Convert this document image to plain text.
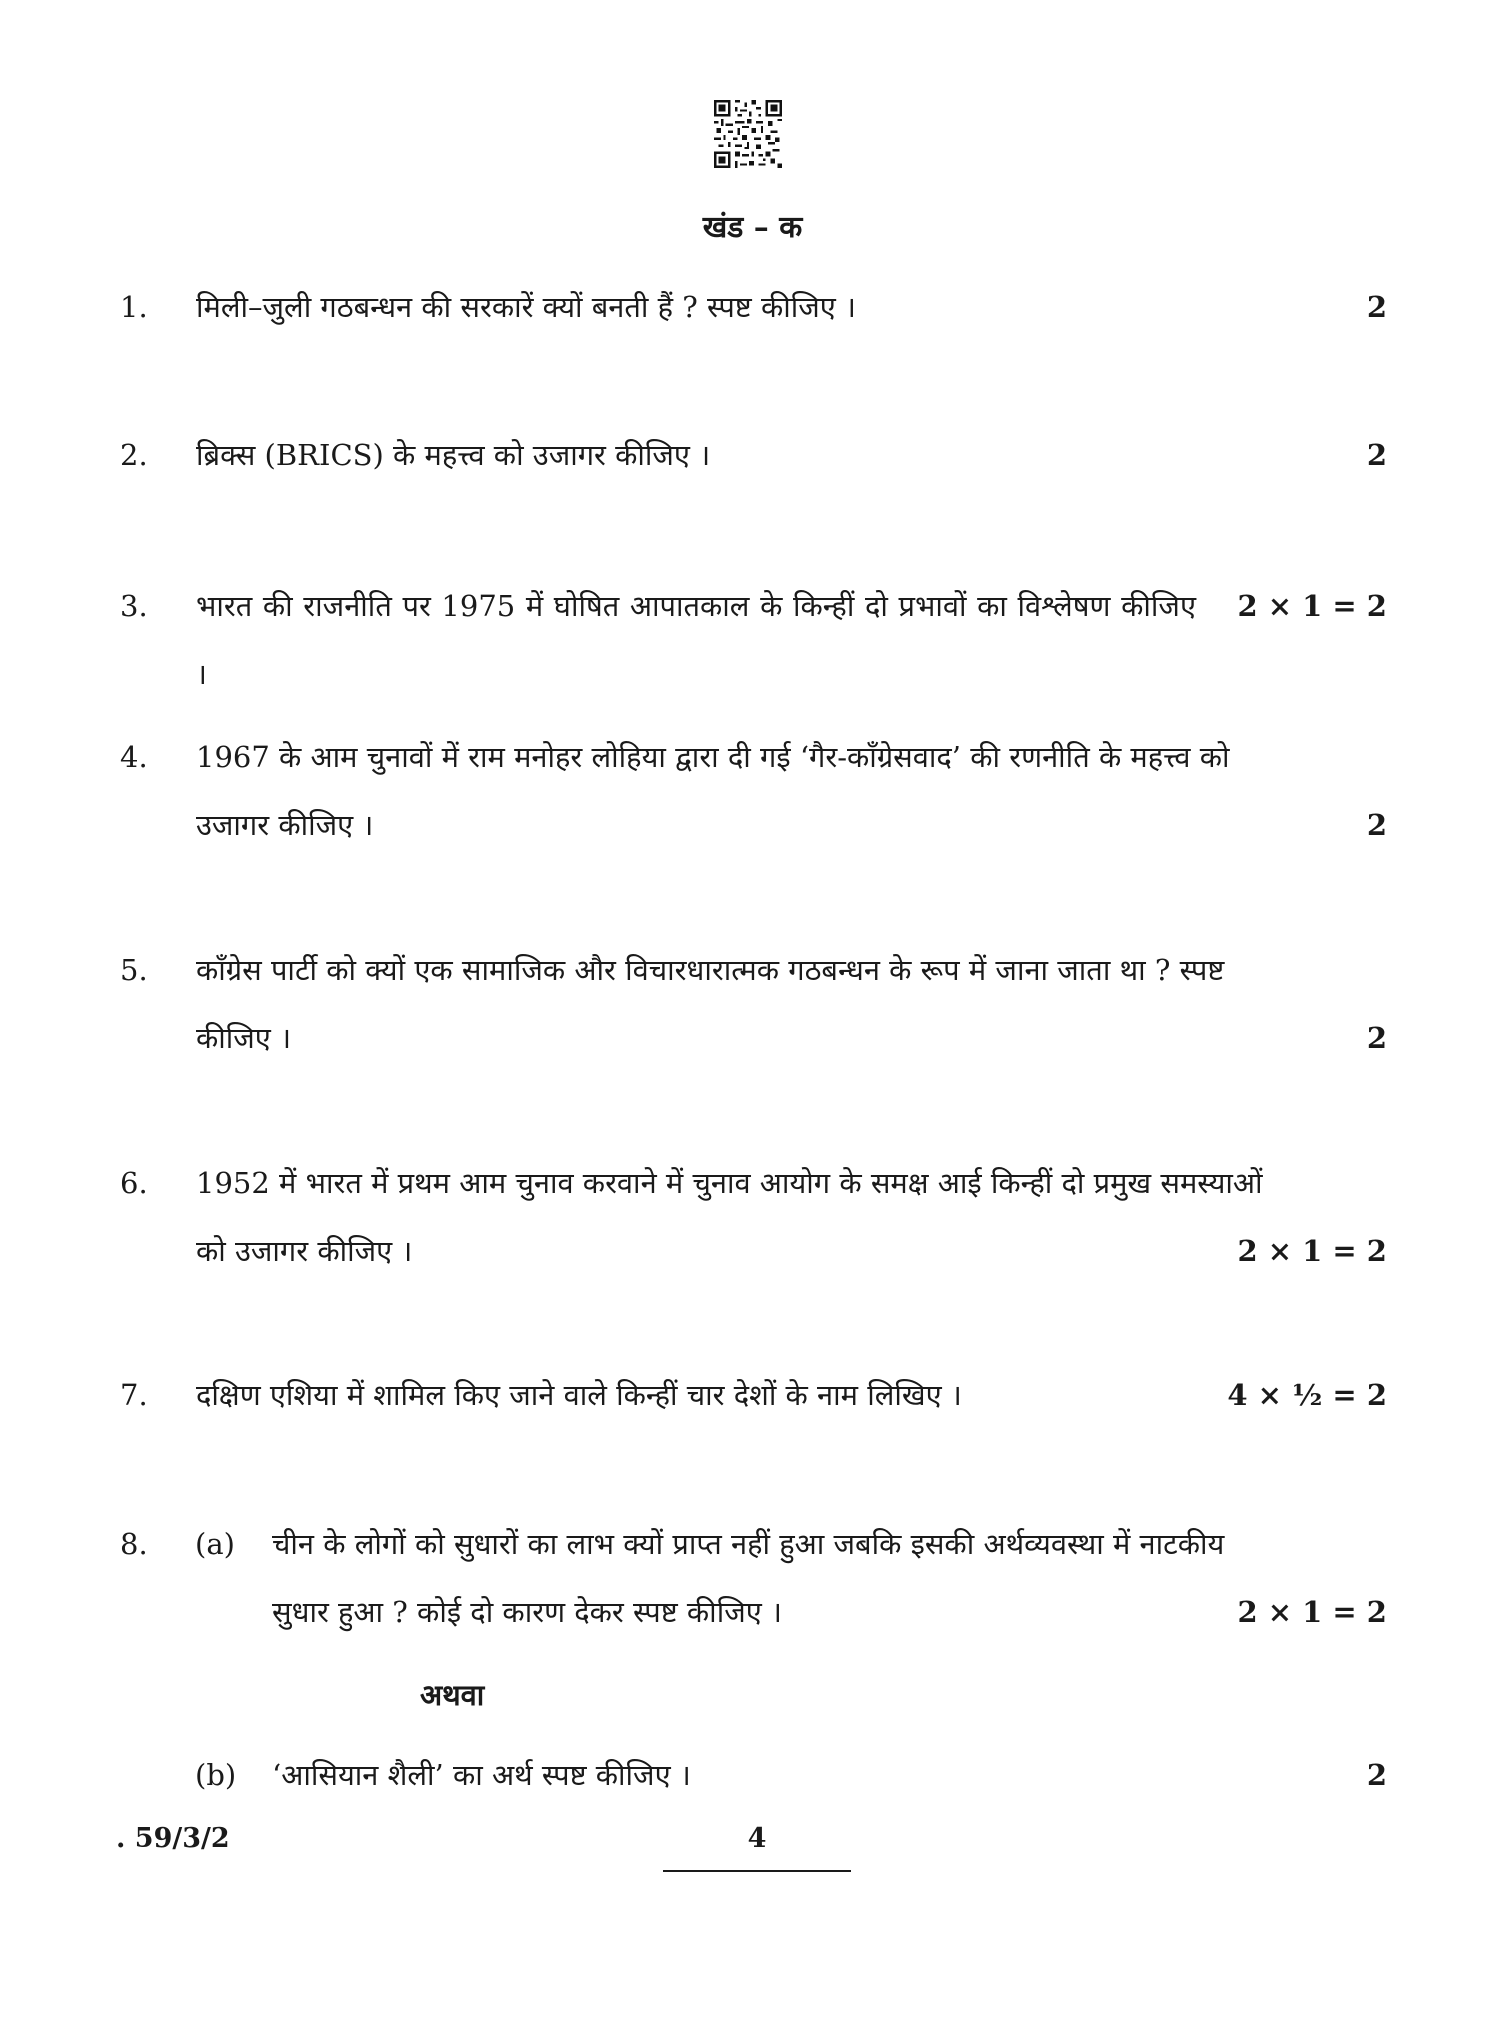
खंड – क
1. मिली–जुली गठबन्धन की सरकारें क्यों बनती हैं ? स्पष्ट कीजिए ।	2
2. ब्रिक्स (BRICS) के महत्त्व को उजागर कीजिए ।	2
3. भारत की राजनीति पर 1975 में घोषित आपातकाल के किन्हीं दो प्रभावों का विश्लेषण कीजिए ।
2 × 1 = 2
4. 1967 के आम चुनावों में राम मनोहर लोहिया द्वारा दी गई ‘गैर-काँग्रेसवाद’ की रणनीति के महत्त्व को
उजागर कीजिए ।	2
5. काँग्रेस पार्टी को क्यों एक सामाजिक और विचारधारात्मक गठबन्धन के रूप में जाना जाता था ? स्पष्ट
कीजिए ।	2
6. 1952 में भारत में प्रथम आम चुनाव करवाने में चुनाव आयोग के समक्ष आई किन्हीं दो प्रमुख समस्याओं
को उजागर कीजिए ।	2 × 1 = 2
7. दक्षिण एशिया में शामिल किए जाने वाले किन्हीं चार देशों के नाम लिखिए ।	4 × ½ = 2
8. (a) चीन के लोगों को सुधारों का लाभ क्यों प्राप्त नहीं हुआ जबकि इसकी अर्थव्यवस्था में नाटकीय
सुधार हुआ ? कोई दो कारण देकर स्पष्ट कीजिए ।	2 × 1 = 2
अथवा
(b) ‘आसियान शैली’ का अर्थ स्पष्ट कीजिए ।	2
. 59/3/2	4
